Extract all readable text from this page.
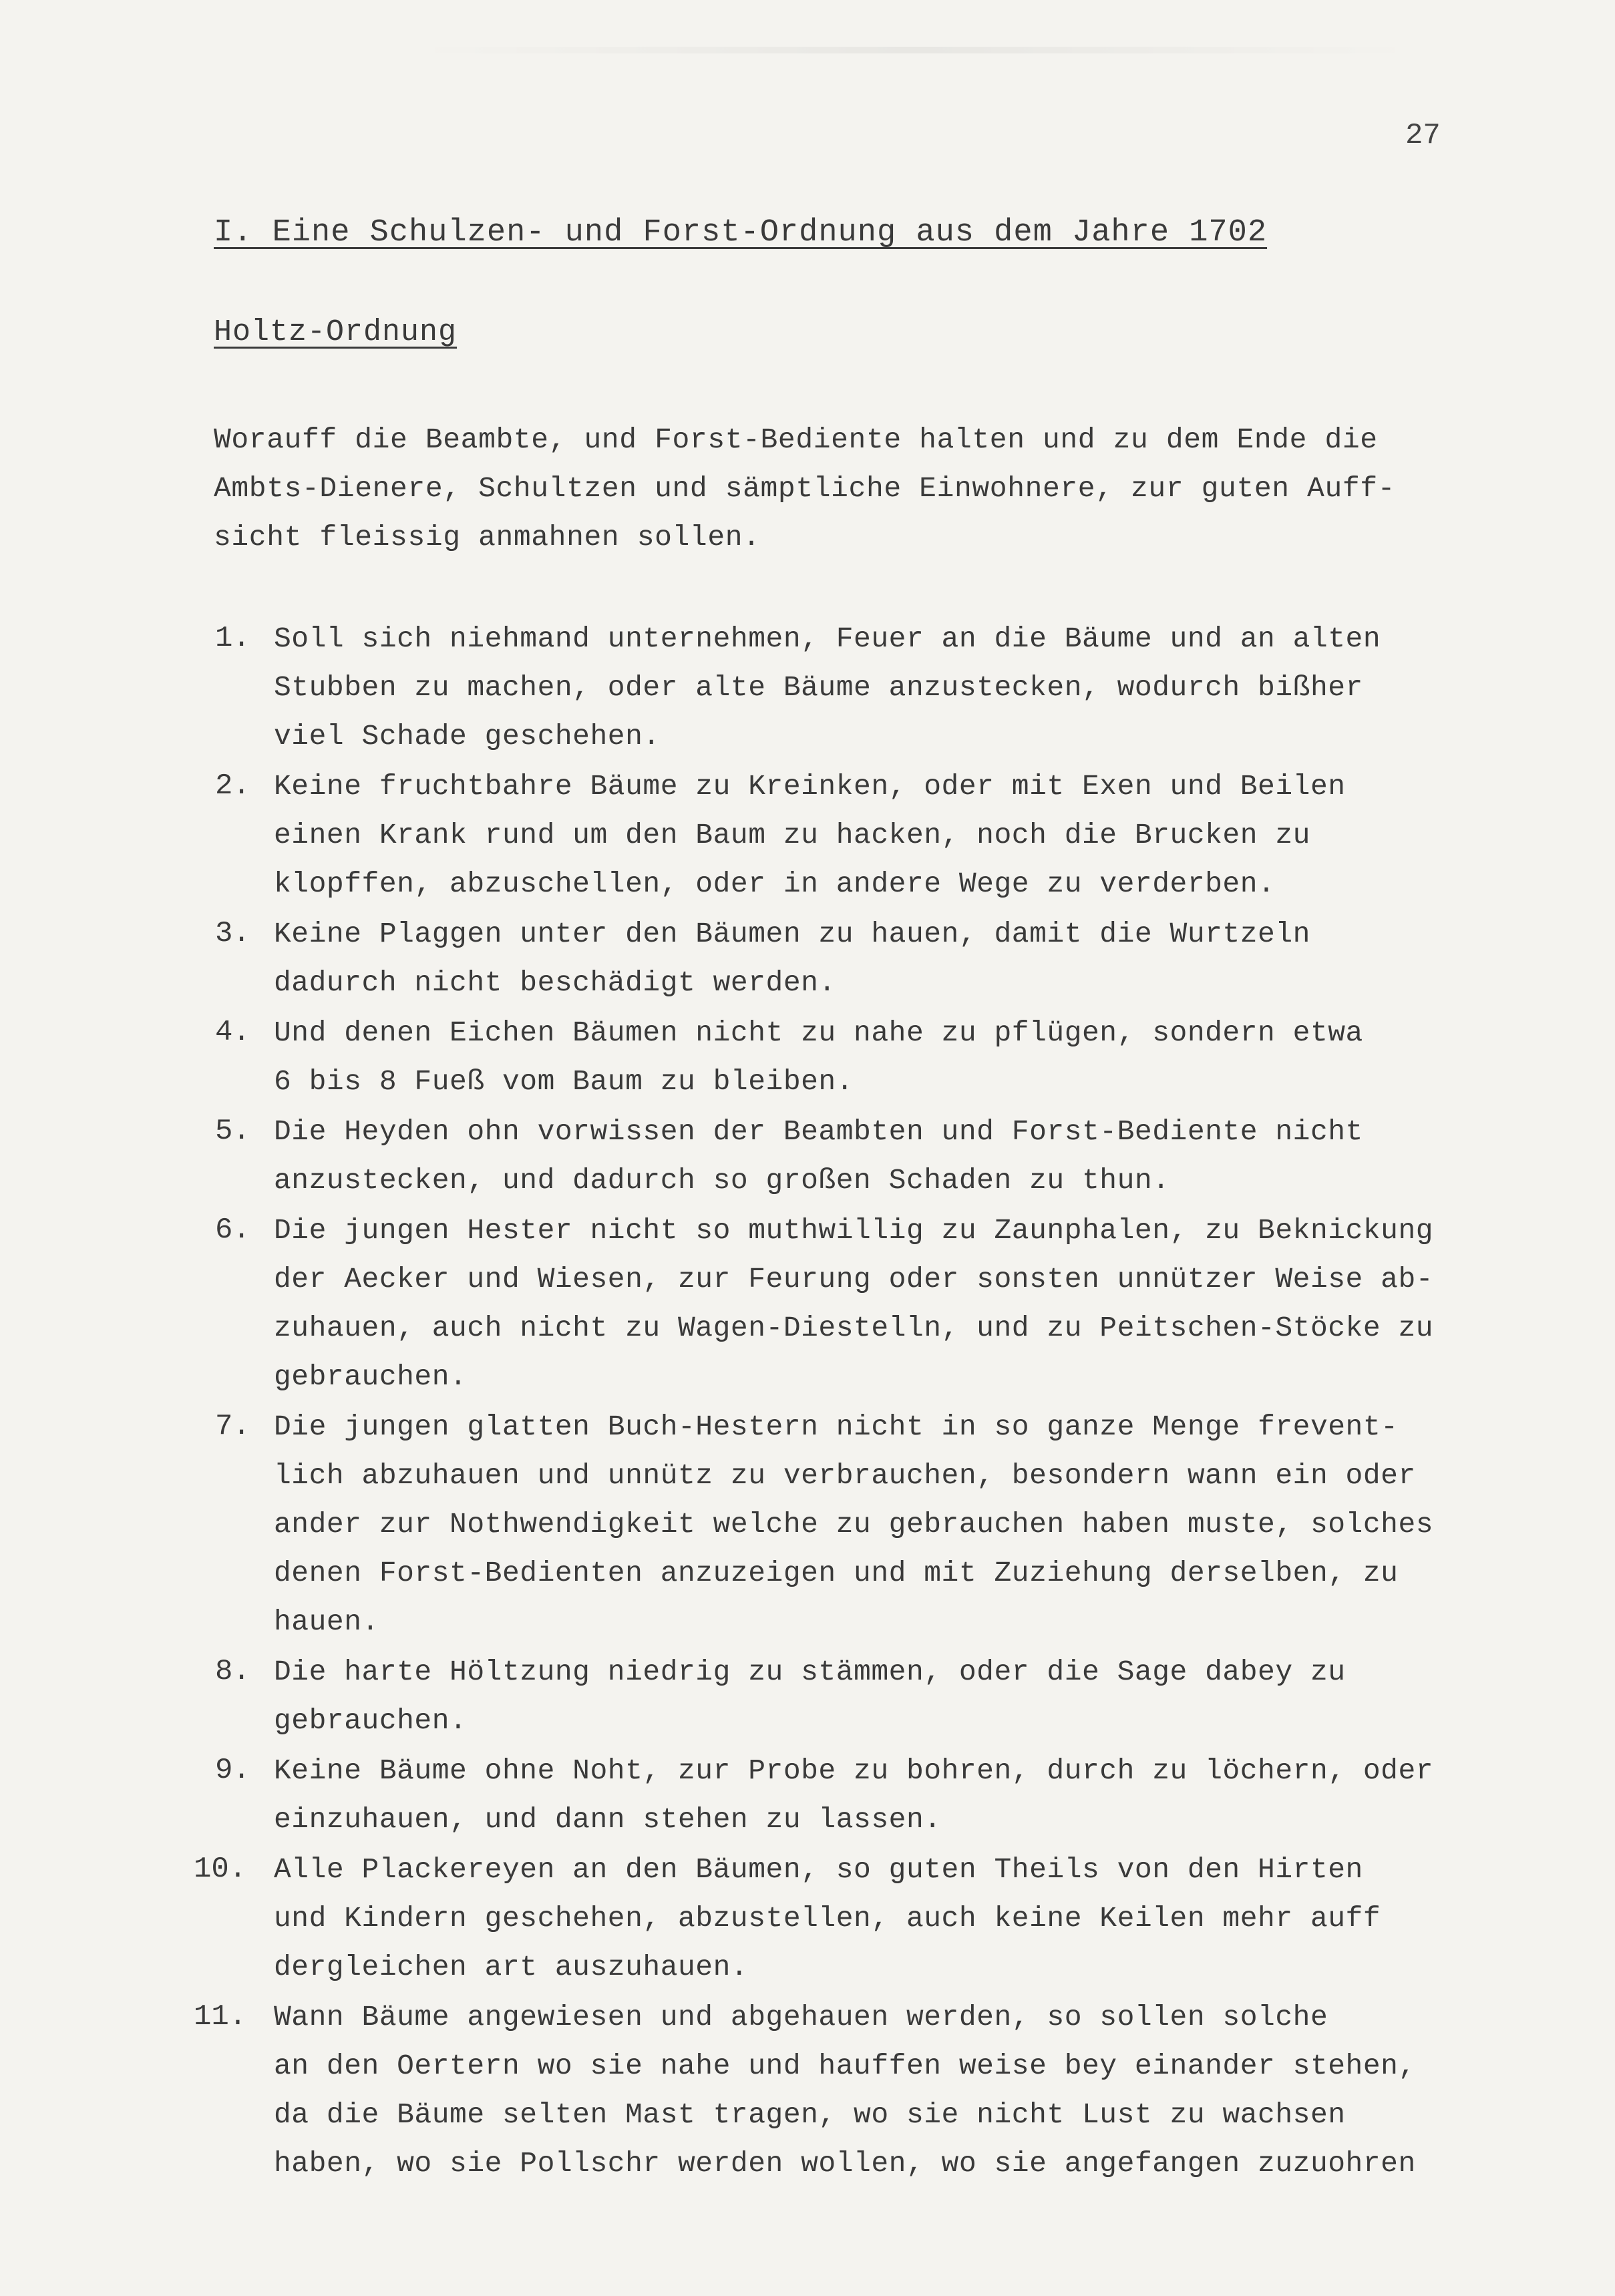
27
I. Eine Schulzen- und Forst-Ordnung aus dem Jahre 1702
Holtz-Ordnung
Worauff die Beambte, und Forst-Bediente halten und zu dem Ende die
Ambts-Dienere, Schultzen und sämptliche Einwohnere, zur guten Auff-
sicht fleissig anmahnen sollen.
1. Soll sich niehmand unternehmen, Feuer an die Bäume und an alten
Stubben zu machen, oder alte Bäume anzustecken, wodurch bißher
viel Schade geschehen.
2. Keine fruchtbahre Bäume zu Kreinken, oder mit Exen und Beilen
einen Krank rund um den Baum zu hacken, noch die Brucken zu
klopffen, abzuschellen, oder in andere Wege zu verderben.
3. Keine Plaggen unter den Bäumen zu hauen, damit die Wurtzeln
dadurch nicht beschädigt werden.
4. Und denen Eichen Bäumen nicht zu nahe zu pflügen, sondern etwa
6 bis 8 Fueß vom Baum zu bleiben.
5. Die Heyden ohn vorwissen der Beambten und Forst-Bediente nicht
anzustecken, und dadurch so großen Schaden zu thun.
6. Die jungen Hester nicht so muthwillig zu Zaunphalen, zu Beknickung
der Aecker und Wiesen, zur Feurung oder sonsten unnützer Weise ab-
zuhauen, auch nicht zu Wagen-Diestelln, und zu Peitschen-Stöcke zu
gebrauchen.
7. Die jungen glatten Buch-Hestern nicht in so ganze Menge frevent-
lich abzuhauen und unnütz zu verbrauchen, besondern wann ein oder
ander zur Nothwendigkeit welche zu gebrauchen haben muste, solches
denen Forst-Bedienten anzuzeigen und mit Zuziehung derselben, zu
hauen.
8. Die harte Höltzung niedrig zu stämmen, oder die Sage dabey zu
gebrauchen.
9. Keine Bäume ohne Noht, zur Probe zu bohren, durch zu löchern, oder
einzuhauen, und dann stehen zu lassen.
10. Alle Plackereyen an den Bäumen, so guten Theils von den Hirten
und Kindern geschehen, abzustellen, auch keine Keilen mehr auff
dergleichen art auszuhauen.
11. Wann Bäume angewiesen und abgehauen werden, so sollen solche
an den Oertern wo sie nahe und hauffen weise bey einander stehen,
da die Bäume selten Mast tragen, wo sie nicht Lust zu wachsen
haben, wo sie Pollschr werden wollen, wo sie angefangen zuzuohren
